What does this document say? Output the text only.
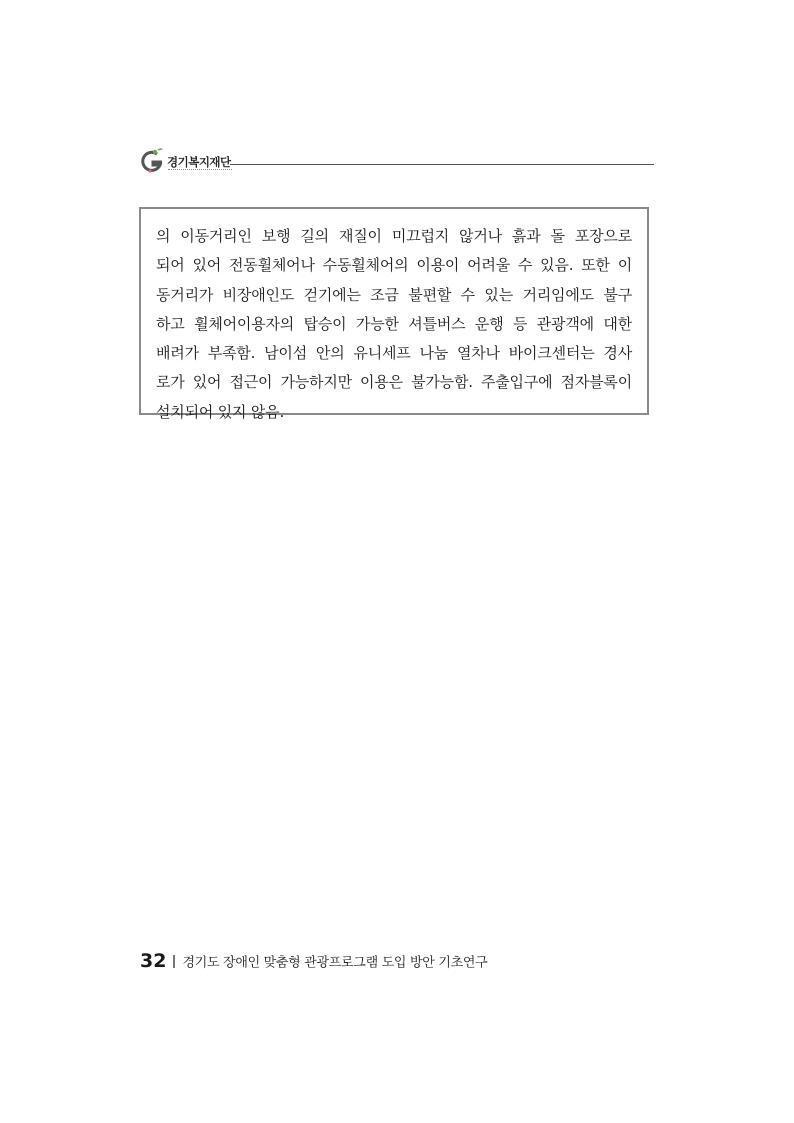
경기복지재단
의 이동거리인 보행 길의 재질이 미끄럽지 않거나 흙과 돌 포장으로
되어 있어 전동휠체어나 수동휠체어의 이용이 어려울 수 있음. 또한 이
동거리가 비장애인도 걷기에는 조금 불편할 수 있는 거리임에도 불구
하고 휠체어이용자의 탑승이 가능한 셔틀버스 운행 등 관광객에 대한
배려가 부족함. 남이섬 안의 유니세프 나눔 열차나 바이크센터는 경사
로가 있어 접근이 가능하지만 이용은 불가능함. 주출입구에 점자블록이
설치되어 있지 않음.
32 경기도 장애인 맞춤형 관광프로그램 도입 방안 기초연구
